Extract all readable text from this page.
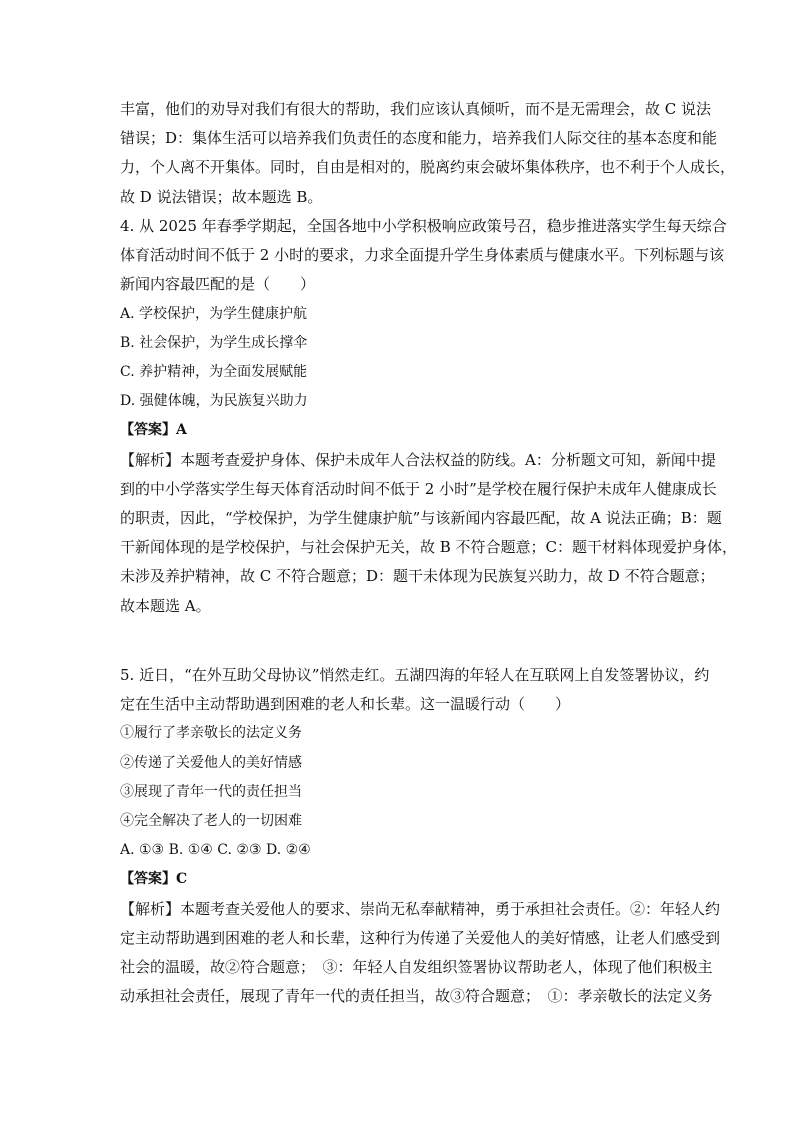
丰富，他们的劝导对我们有很大的帮助，我们应该认真倾听，而不是无需理会，故 C 说法
错误；D：集体生活可以培养我们负责任的态度和能力，培养我们人际交往的基本态度和能
力，个人离不开集体。同时，自由是相对的，脱离约束会破坏集体秩序，也不利于个人成长，
故 D 说法错误；故本题选 B。
4. 从 2025 年春季学期起，全国各地中小学积极响应政策号召，稳步推进落实学生每天综合
体育活动时间不低于 2 小时的要求，力求全面提升学生身体素质与健康水平。下列标题与该
新闻内容最匹配的是（　　）
A. 学校保护，为学生健康护航
B. 社会保护，为学生成长撑伞
C. 养护精神，为全面发展赋能
D. 强健体魄，为民族复兴助力
【答案】A
【解析】本题考查爱护身体、保护未成年人合法权益的防线。A：分析题文可知，新闻中提
到的中小学落实学生每天体育活动时间不低于 2 小时”是学校在履行保护未成年人健康成长
的职责，因此，“学校保护，为学生健康护航”与该新闻内容最匹配，故 A 说法正确；B：题
干新闻体现的是学校保护，与社会保护无关，故 B 不符合题意；C：题干材料体现爱护身体，
未涉及养护精神，故 C 不符合题意；D：题干未体现为民族复兴助力，故 D 不符合题意；
故本题选 A。
5. 近日，“在外互助父母协议”悄然走红。五湖四海的年轻人在互联网上自发签署协议，约
定在生活中主动帮助遇到困难的老人和长辈。这一温暖行动（　　）
①履行了孝亲敬长的法定义务
②传递了关爱他人的美好情感
③展现了青年一代的责任担当
④完全解决了老人的一切困难
A. ①③ B. ①④ C. ②③ D. ②④
【答案】C
【解析】本题考查关爱他人的要求、崇尚无私奉献精神，勇于承担社会责任。②：年轻人约
定主动帮助遇到困难的老人和长辈，这种行为传递了关爱他人的美好情感，让老人们感受到
社会的温暖，故②符合题意；　③：年轻人自发组织签署协议帮助老人，体现了他们积极主
动承担社会责任，展现了青年一代的责任担当，故③符合题意；　①：孝亲敬长的法定义务
